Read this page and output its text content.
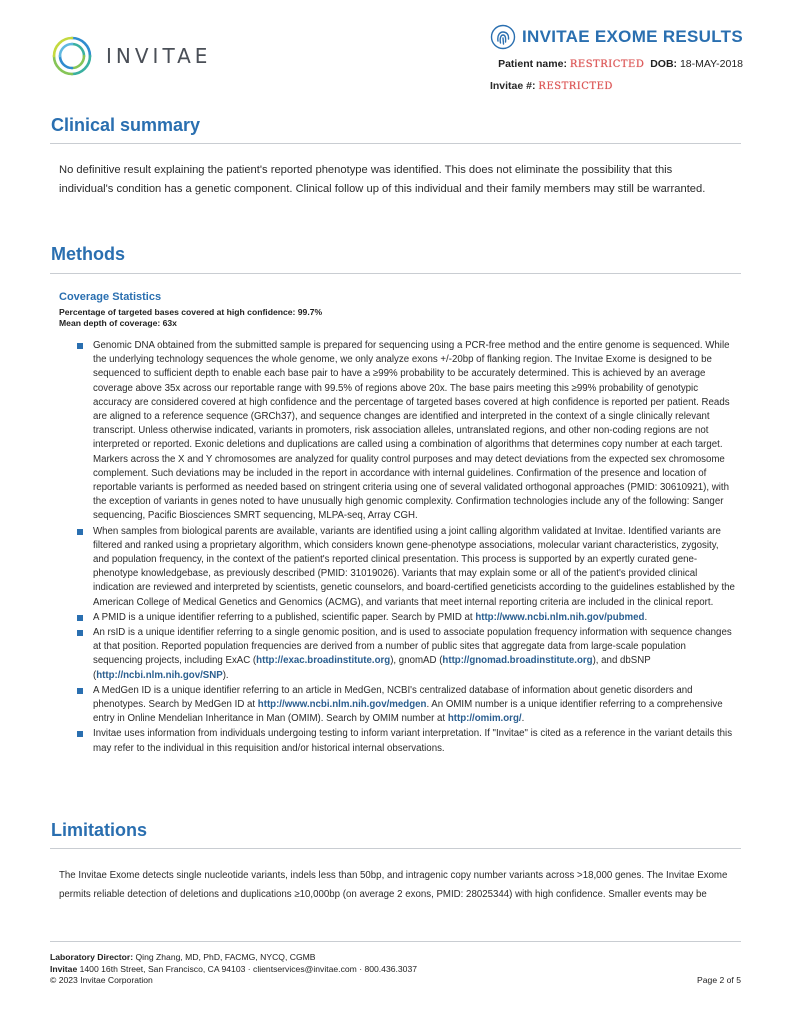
INVITAE
INVITAE EXOME RESULTS
Patient name: RESTRICTED DOB: 18-MAY-2018
Invitae #: RESTRICTED
Clinical summary
No definitive result explaining the patient's reported phenotype was identified. This does not eliminate the possibility that this individual's condition has a genetic component. Clinical follow up of this individual and their family members may still be warranted.
Methods
Coverage Statistics
Percentage of targeted bases covered at high confidence: 99.7%
Mean depth of coverage: 63x
Genomic DNA obtained from the submitted sample is prepared for sequencing using a PCR-free method and the entire genome is sequenced. While the underlying technology sequences the whole genome, we only analyze exons +/-20bp of flanking region. The Invitae Exome is designed to be sequenced to sufficient depth to enable each base pair to have a ≥99% probability to be accurately determined. This is achieved by an average coverage above 35x across our reportable range with 99.5% of regions above 20x. The base pairs meeting this ≥99% probability of genotypic accuracy are considered covered at high confidence and the percentage of targeted bases covered at high confidence is reported per patient. Reads are aligned to a reference sequence (GRCh37), and sequence changes are identified and interpreted in the context of a single clinically relevant transcript. Unless otherwise indicated, variants in promoters, risk association alleles, untranslated regions, and other non-coding regions are not interpreted or reported. Exonic deletions and duplications are called using a combination of algorithms that determines copy number at each target. Markers across the X and Y chromosomes are analyzed for quality control purposes and may detect deviations from the expected sex chromosome complement. Such deviations may be included in the report in accordance with internal guidelines. Confirmation of the presence and location of reportable variants is performed as needed based on stringent criteria using one of several validated orthogonal approaches (PMID: 30610921), with the exception of variants in genes noted to have unusually high genomic complexity. Confirmation technologies include any of the following: Sanger sequencing, Pacific Biosciences SMRT sequencing, MLPA-seq, Array CGH.
When samples from biological parents are available, variants are identified using a joint calling algorithm validated at Invitae. Identified variants are filtered and ranked using a proprietary algorithm, which considers known gene-phenotype associations, molecular variant characteristics, zygosity, and population frequency, in the context of the patient's reported clinical presentation. This process is supported by an expertly curated gene-phenotype knowledgebase, as previously described (PMID: 31019026). Variants that may explain some or all of the patient's provided clinical indication are reviewed and interpreted by scientists, genetic counselors, and board-certified geneticists according to the guidelines established by the American College of Medical Genetics and Genomics (ACMG), and variants that meet internal reporting criteria are included in the clinical report.
A PMID is a unique identifier referring to a published, scientific paper. Search by PMID at http://www.ncbi.nlm.nih.gov/pubmed.
An rsID is a unique identifier referring to a single genomic position, and is used to associate population frequency information with sequence changes at that position. Reported population frequencies are derived from a number of public sites that aggregate data from large-scale population sequencing projects, including ExAC (http://exac.broadinstitute.org), gnomAD (http://gnomad.broadinstitute.org), and dbSNP (http://ncbi.nlm.nih.gov/SNP).
A MedGen ID is a unique identifier referring to an article in MedGen, NCBI's centralized database of information about genetic disorders and phenotypes. Search by MedGen ID at http://www.ncbi.nlm.nih.gov/medgen. An OMIM number is a unique identifier referring to a comprehensive entry in Online Mendelian Inheritance in Man (OMIM). Search by OMIM number at http://omim.org/.
Invitae uses information from individuals undergoing testing to inform variant interpretation. If "Invitae" is cited as a reference in the variant details this may refer to the individual in this requisition and/or historical internal observations.
Limitations
The Invitae Exome detects single nucleotide variants, indels less than 50bp, and intragenic copy number variants across >18,000 genes. The Invitae Exome permits reliable detection of deletions and duplications ≥10,000bp (on average 2 exons, PMID: 28025344) with high confidence. Smaller events may be
Laboratory Director: Qing Zhang, MD, PhD, FACMG, NYCQ, CGMB
Invitae 1400 16th Street, San Francisco, CA 94103 · clientservices@invitae.com · 800.436.3037
© 2023 Invitae Corporation	Page 2 of 5
